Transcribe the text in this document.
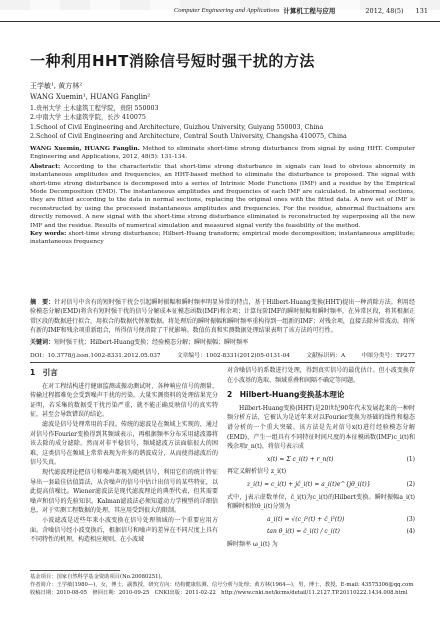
Computer Engineering and Applications 计算机工程与应用	2012, 48(5) 131
一种利用HHT消除信号短时强干扰的方法
王学敏¹, 黄方林²
WANG Xuemin¹, HUANG Fanglin²
1.贵州大学 土木建筑工程学院，贵阳 550003
2.中南大学 土木建筑学院，长沙 410075
1.School of Civil Engineering and Architecture, Guizhou University, Guiyang 550003, China
2.School of Civil Engineering and Architecture, Central South University, Changsha 410075, China

WANG Xuemin, HUANG Fanglin. Method to eliminate short-time strong disturbance from signal by using HHT. Computer Engineering and Applications, 2012, 48(5): 131-134.

Abstract: According to the characteristic that short-time strong disturbance in signals can lead to obvious abnormity in instantaneous amplitudes and frequencies, an HHT-based method to eliminate the disturbance is proposed. The signal with short-time strong disturbance is decomposed into a series of Intrinsic Mode Functions (IMF) and a residue by the Empirical Mode Decomposition (EMD). The instantaneous amplitudes and frequencies of each IMF are calculated. In abnormal sections, they are fitted according to the data in normal sections, replacing the original ones with the fitted data. A new set of IMF is reconstructed by using the processed instantaneous amplitudes and frequencies. For the residue, abnormal fluctuations are directly removed. A new signal with the short-time strong disturbance eliminated is reconstructed by superposing all the new IMF and the residue. Results of numerical simulation and measured signal verify the feasibility of the method.

Key words: short-time strong disturbance; Hilbert-Huang transform; empirical mode decomposition; instantaneous amplitude; instantaneous frequency

摘　要：针对信号中含有的短时强干扰会引起瞬时振幅和瞬时频率明显异常的特点，基于Hilbert-Huang变换(HHT)提出一种消除方法。利用经验模态分解(EMD)将含有短时强干扰的信号分解成本征模态函数(IMF)和余项；计算每阶IMF的瞬时振幅和瞬时频率，在异常区段，将其根据正常区段的数据进行拟合，用拟合的数据代替原数据。将处理后的瞬时振幅和瞬时频率重构得到一组新的IMF；对残余项，直接去除异常波动。将所有新的IMF和残余项重新组合，所得信号便消除了干扰影响。数值仿真和实测数据处理结果表明了该方法的可行性。
关键词：短时强干扰；Hilbert-Huang变换；经验模态分解；瞬时振幅；瞬时频率
DOI：10.3778/j.issn.1002-8331.2012.05.037	文章编号：1002-8331(2012)05-0131-04	文献标识码：A	中图分类号：TP277
1　引言

在对工程结构进行健康监测或振动测试时，各种响应信号的测量、传输过程都难免会受到噪声干扰的污染。大量实测资料的处理结果充分证明，若采集的数据受干扰污染严重，就不能正确反映信号的真实特征，甚至会导致错误的结论。

滤波是信号处理常用的手段。传统的滤波是在频域上实现的，通过对信号作Fourier变换得到其频域表示，再根据频率分布采用滤波器将该去除的成分滤除。然而对非平稳信号，频域滤波方法面临很大的困难，这类信号在频域上常常表现为许多的谐波成分，从而使得滤波后的信号失真。

现代滤波理论把信号和噪声都视为随机信号，利用它们的统计特征导出一套最佳估值算法，从含噪声的信号中估计出信号的某些特征，以此提高信噪比。Wiener滤波法是现代滤波理论的典型代表，但其需要噪声和信号的先验知识。Kalman滤波法必须知道动力学模型的详细信息，对于实测工程数据的处理，其应用受到很大的限制。

小波滤波是近些年来小波变换在信号处理领域的一个重要应用方面。含噪信号经小波变换后，根据信号和噪声的差异在不同尺度上具有不同特性的机理，构造相应规则，在小波域

对含噪信号的系数进行处理，得到真实信号的最优估计。但小波变换存在小波基的选取、频域重叠和间隔不确定等问题。

2　Hilbert-Huang变换基本理论

Hilbert-Huang变换(HHT)是20世纪90年代末发展起来的一种时频分析方法，它被认为是近年来对以Fourier变换为基础的线性和稳态谱分析的一个重大突破。该方法是先对信号x(t)进行经验模态分解(EMD)，产生一组具有不同特征时间尺度的本征模函数(IMF)c_i(t)和残余项r_n(t)，将信号表示成

x(t) = Σ c_i(t) + r_n(t)	(1)

再定义解析信号 z_i(t)

z_i(t) = c_i(t) + jĉ_i(t) = a_i(t)e^{jθ_i(t)}	(2)

式中，j表示虚数单位，ĉ_i(t)为c_i(t)的Hilbert变换。瞬时振幅a_i(t)和瞬时相位θ_i(t)分别为

a_i(t) = √(c_i²(t) + ĉ_i²(t))	(3)
tan θ_i(t) = ĉ_i(t) / c_i(t)	(4)

瞬时频率 ω_i(t) 为

基金项目：国家自然科学基金资助项目(No.20080251)。
作者简介：王学敏(1980—)，女，博士，副教授，研究方向：结构健康监测、信号分析与处理；黄方林(1964—)，男，博士，教授。E-mail: 43575306@qq.com
收稿日期：2010-08-05　修回日期：2010-09-25　CNKI出版：2011-02-22　http://www.cnki.net/kcms/detail/11.2127.TP.20110222.1434.008.html
